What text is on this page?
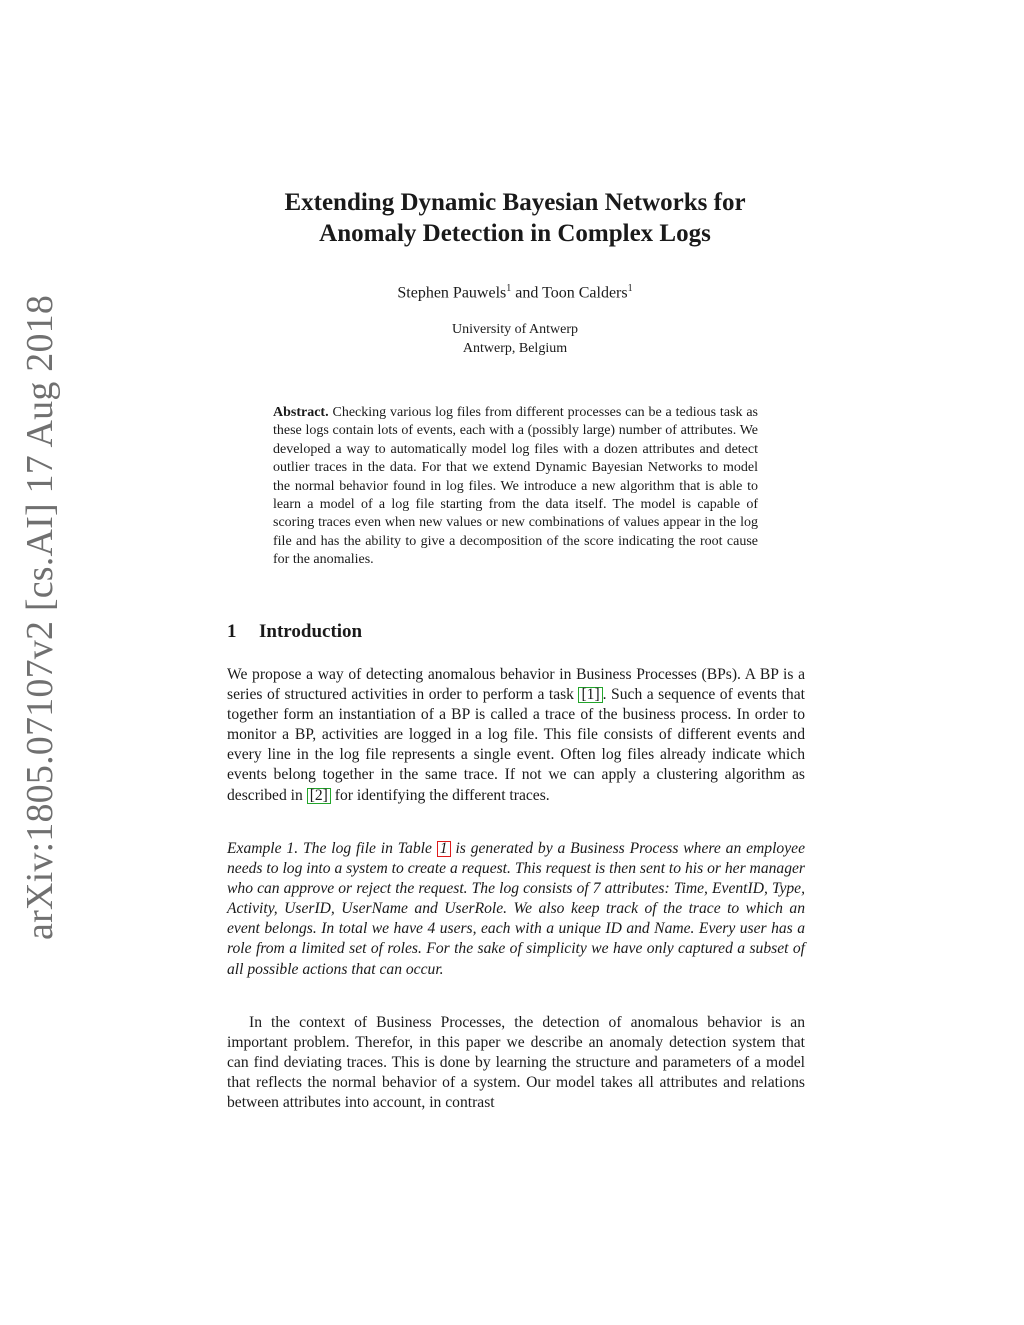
arXiv:1805.07107v2 [cs.AI] 17 Aug 2018
Extending Dynamic Bayesian Networks for
Anomaly Detection in Complex Logs
Stephen Pauwels$^1$ and Toon Calders$^1$
University of Antwerp
Antwerp, Belgium
Abstract. Checking various log files from different processes can be a tedious task as these logs contain lots of events, each with a (possibly large) number of attributes. We developed a way to automatically model log files with a dozen attributes and detect outlier traces in the data. For that we extend Dynamic Bayesian Networks to model the normal behavior found in log files. We introduce a new algorithm that is able to learn a model of a log file starting from the data itself. The model is capable of scoring traces even when new values or new combinations of values appear in the log file and has the ability to give a decomposition of the score indicating the root cause for the anomalies.
1 Introduction
We propose a way of detecting anomalous behavior in Business Processes (BPs). A BP is a series of structured activities in order to perform a task [1] . Such a sequence of events that together form an instantiation of a BP is called a trace of the business process. In order to monitor a BP, activities are logged in a log file. This file consists of different events and every line in the log file represents a single event. Often log files already indicate which events belong together in the same trace. If not we can apply a clustering algorithm as described in [2] for identifying the different traces.
Example 1. The log file in Table 1 is generated by a Business Process where an employee needs to log into a system to create a request. This request is then sent to his or her manager who can approve or reject the request. The log consists of 7 attributes: Time, EventID, Type, Activity, UserID, UserName and UserRole. We also keep track of the trace to which an event belongs. In total we have 4 users, each with a unique ID and Name. Every user has a role from a limited set of roles. For the sake of simplicity we have only captured a subset of all possible actions that can occur.
In the context of Business Processes, the detection of anomalous behavior is an important problem. Therefor, in this paper we describe an anomaly detection system that can find deviating traces. This is done by learning the structure and parameters of a model that reflects the normal behavior of a system. Our model takes all attributes and relations between attributes into account, in contrast
